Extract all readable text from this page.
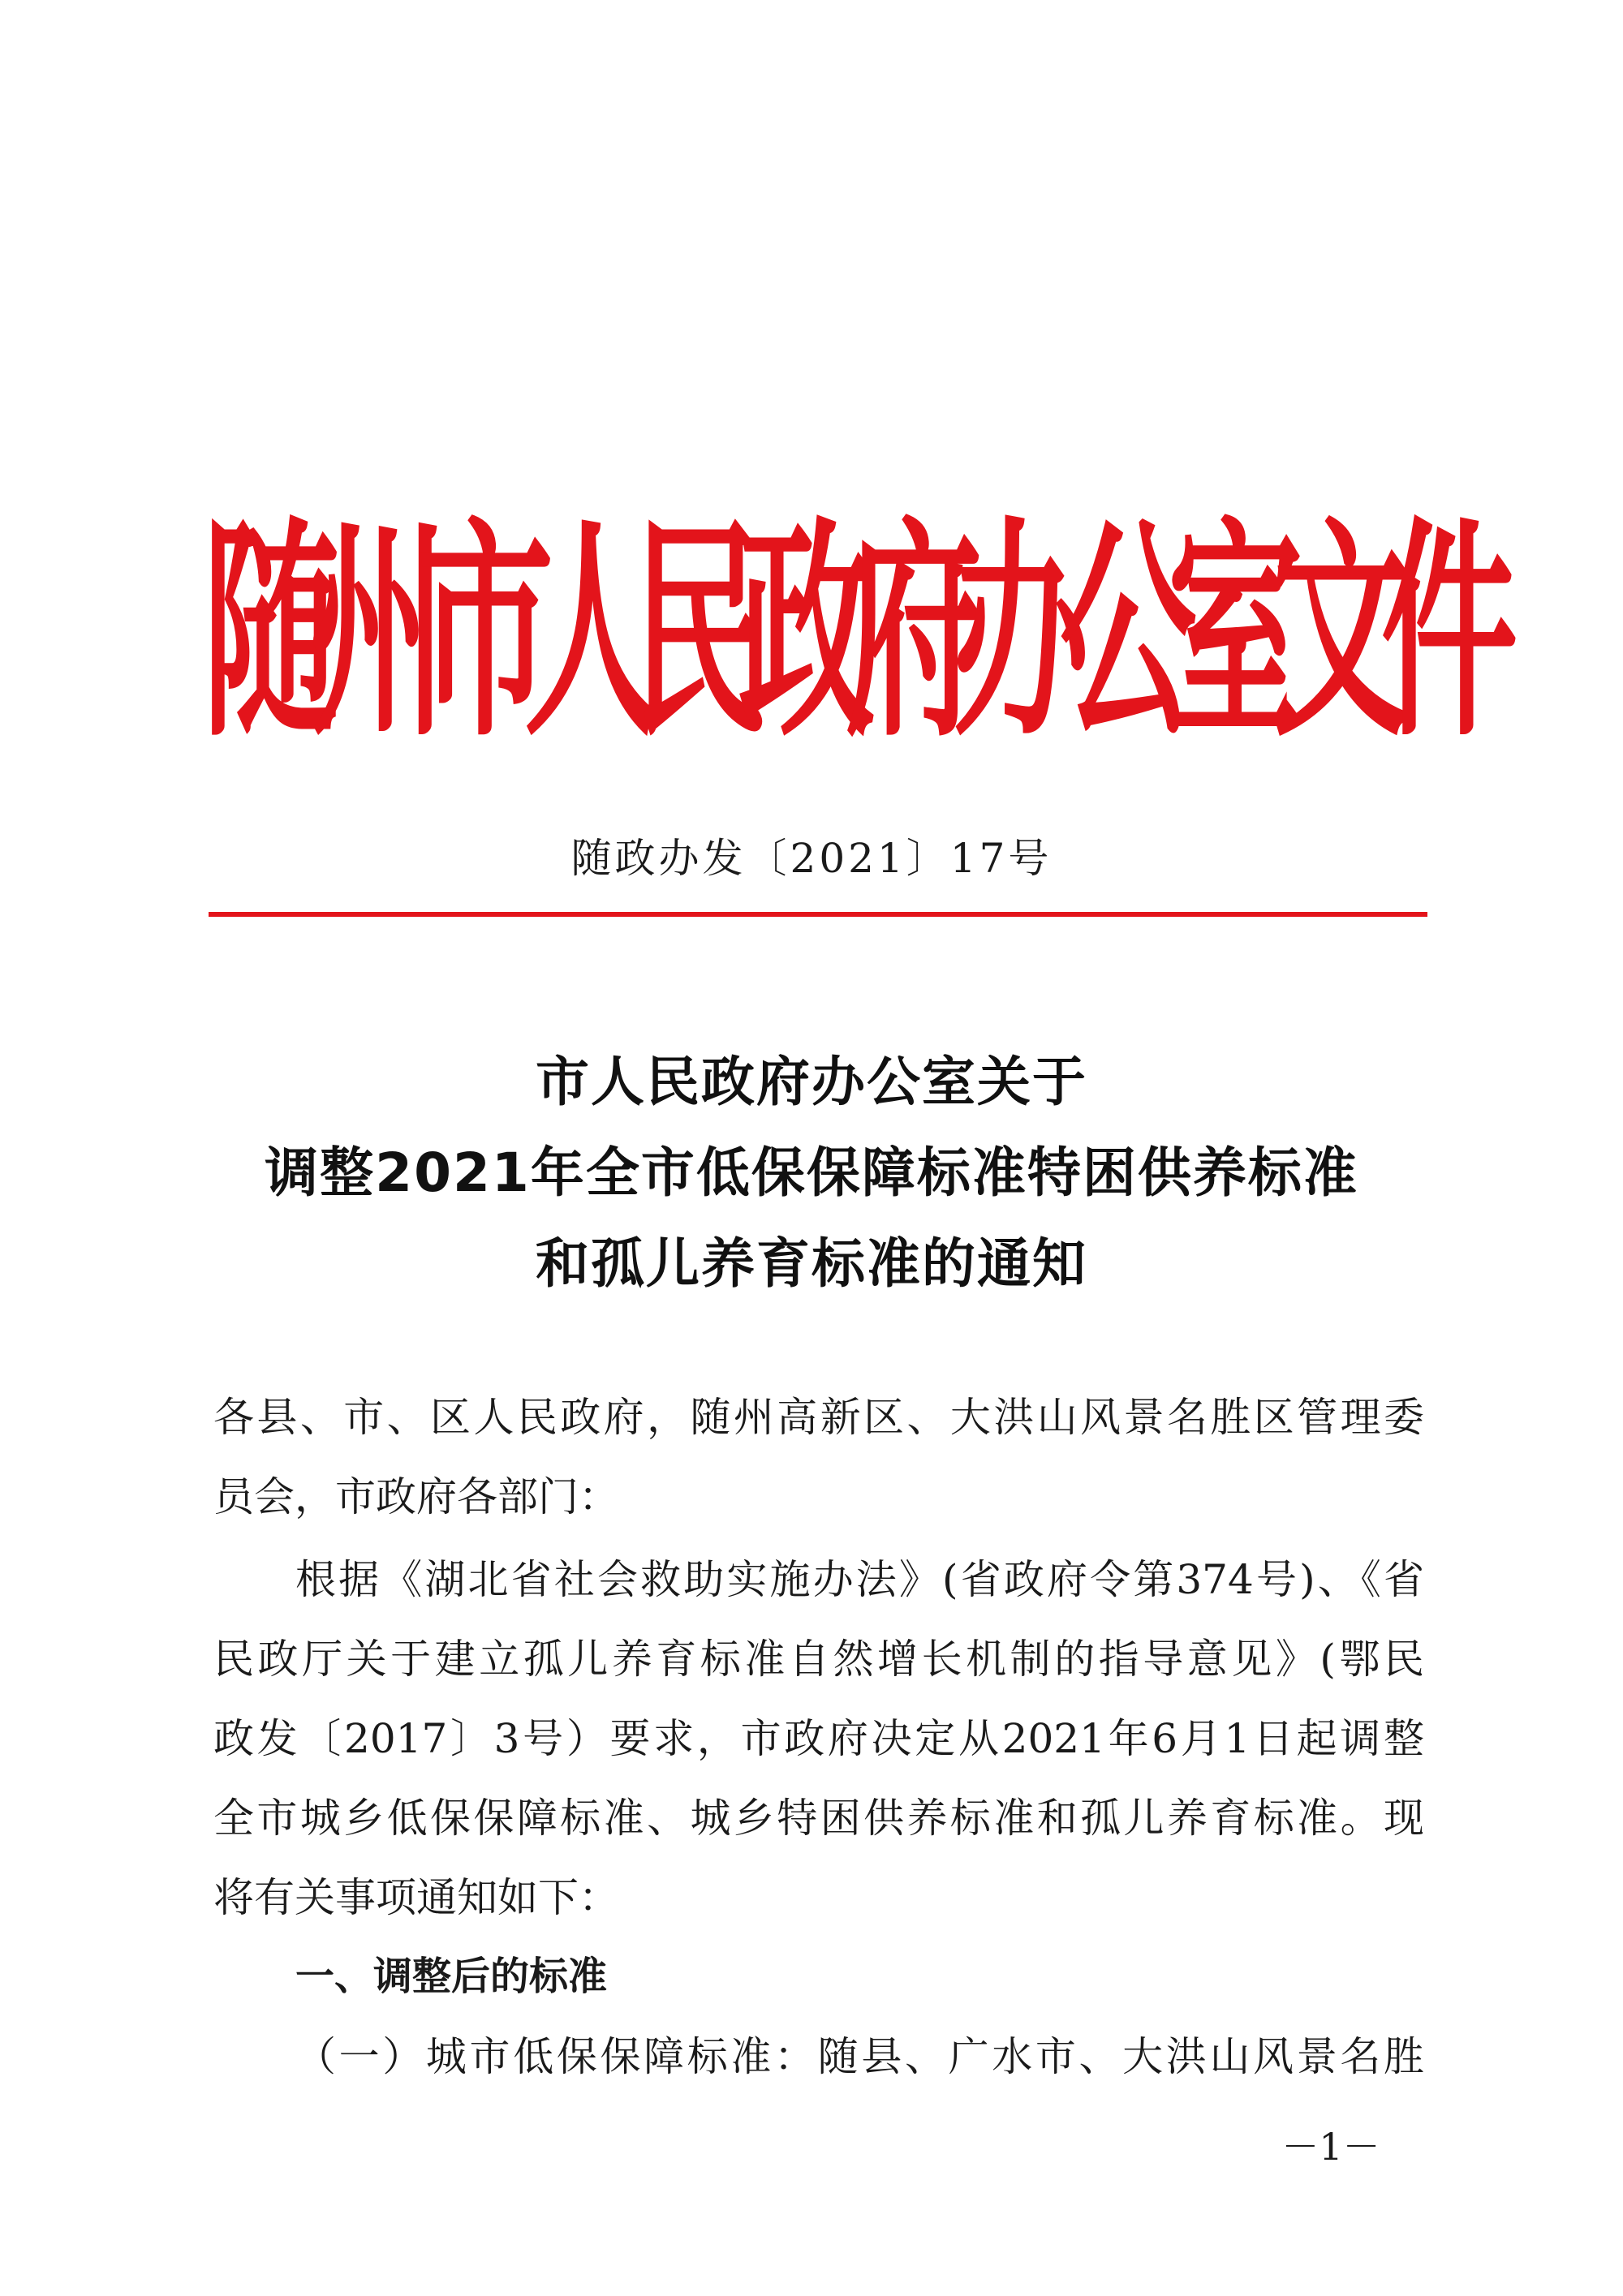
随
州
市
人
民
政
府
办
公
室
文
件
随政办发〔2021〕17号
市人民政府办公室关于
调整2021年全市低保保障标准特困供养标准
和孤儿养育标准的通知
各县、市、区人民政府，随州高新区、大洪山风景名胜区管理委
员会，市政府各部门：
根据《湖北省社会救助实施办法》(省政府令第374号)、《省
民政厅关于建立孤儿养育标准自然增长机制的指导意见》(鄂民
政发〔2017〕3号）要求，市政府决定从2021年6月1日起调整
全市城乡低保保障标准、城乡特困供养标准和孤儿养育标准。现
将有关事项通知如下：
一、调整后的标准
（一）城市低保保障标准：随县、广水市、大洪山风景名胜
－1－
